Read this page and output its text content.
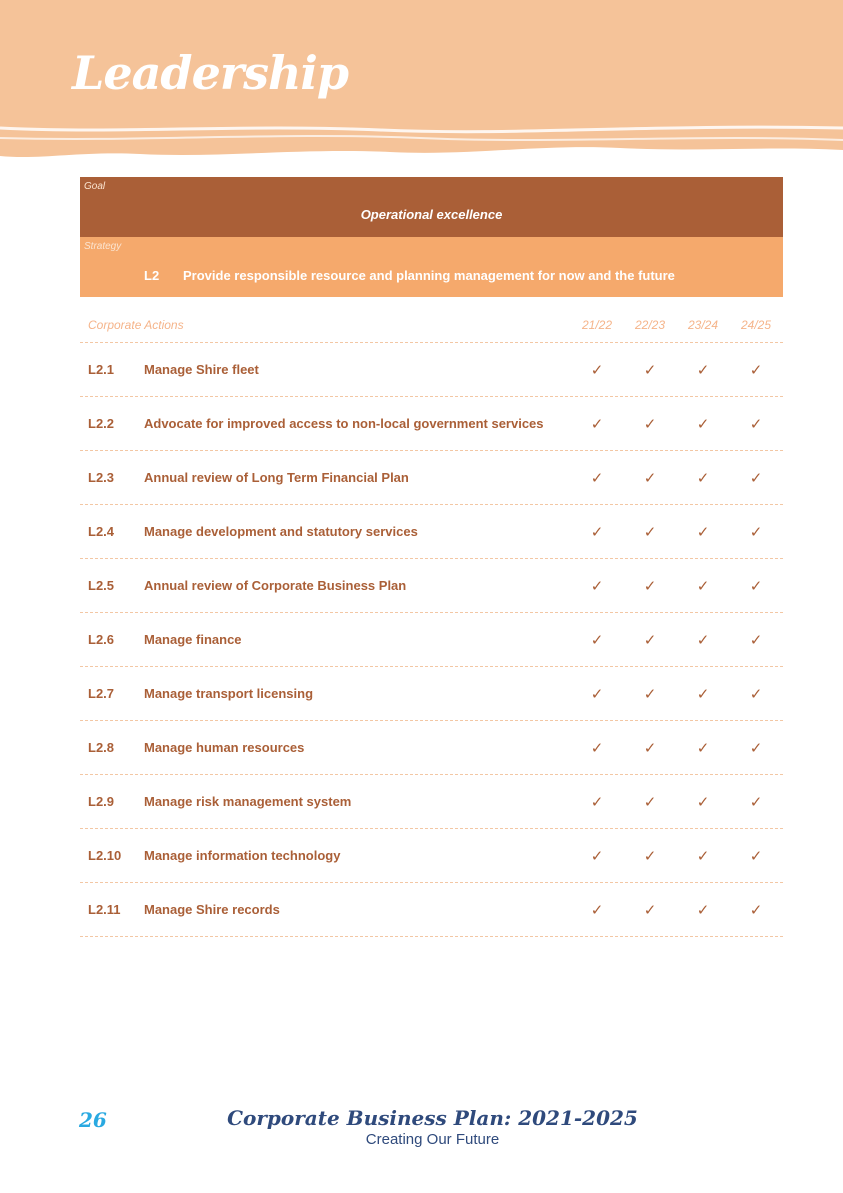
Leadership
Goal
Operational excellence
Strategy
L2 Provide responsible resource and planning management for now and the future
Corporate Actions	21/22	22/23	23/24	24/25
L2.1 Manage Shire fleet	✓	✓	✓	✓
L2.2 Advocate for improved access to non-local government services	✓	✓	✓	✓
L2.3 Annual review of Long Term Financial Plan	✓	✓	✓	✓
L2.4 Manage development and statutory services	✓	✓	✓	✓
L2.5 Annual review of Corporate Business Plan	✓	✓	✓	✓
L2.6 Manage finance	✓	✓	✓	✓
L2.7 Manage transport licensing	✓	✓	✓	✓
L2.8 Manage human resources	✓	✓	✓	✓
L2.9 Manage risk management system	✓	✓	✓	✓
L2.10 Manage information technology	✓	✓	✓	✓
L2.11 Manage Shire records	✓	✓	✓	✓
26	Corporate Business Plan: 2021-2025
Creating Our Future
